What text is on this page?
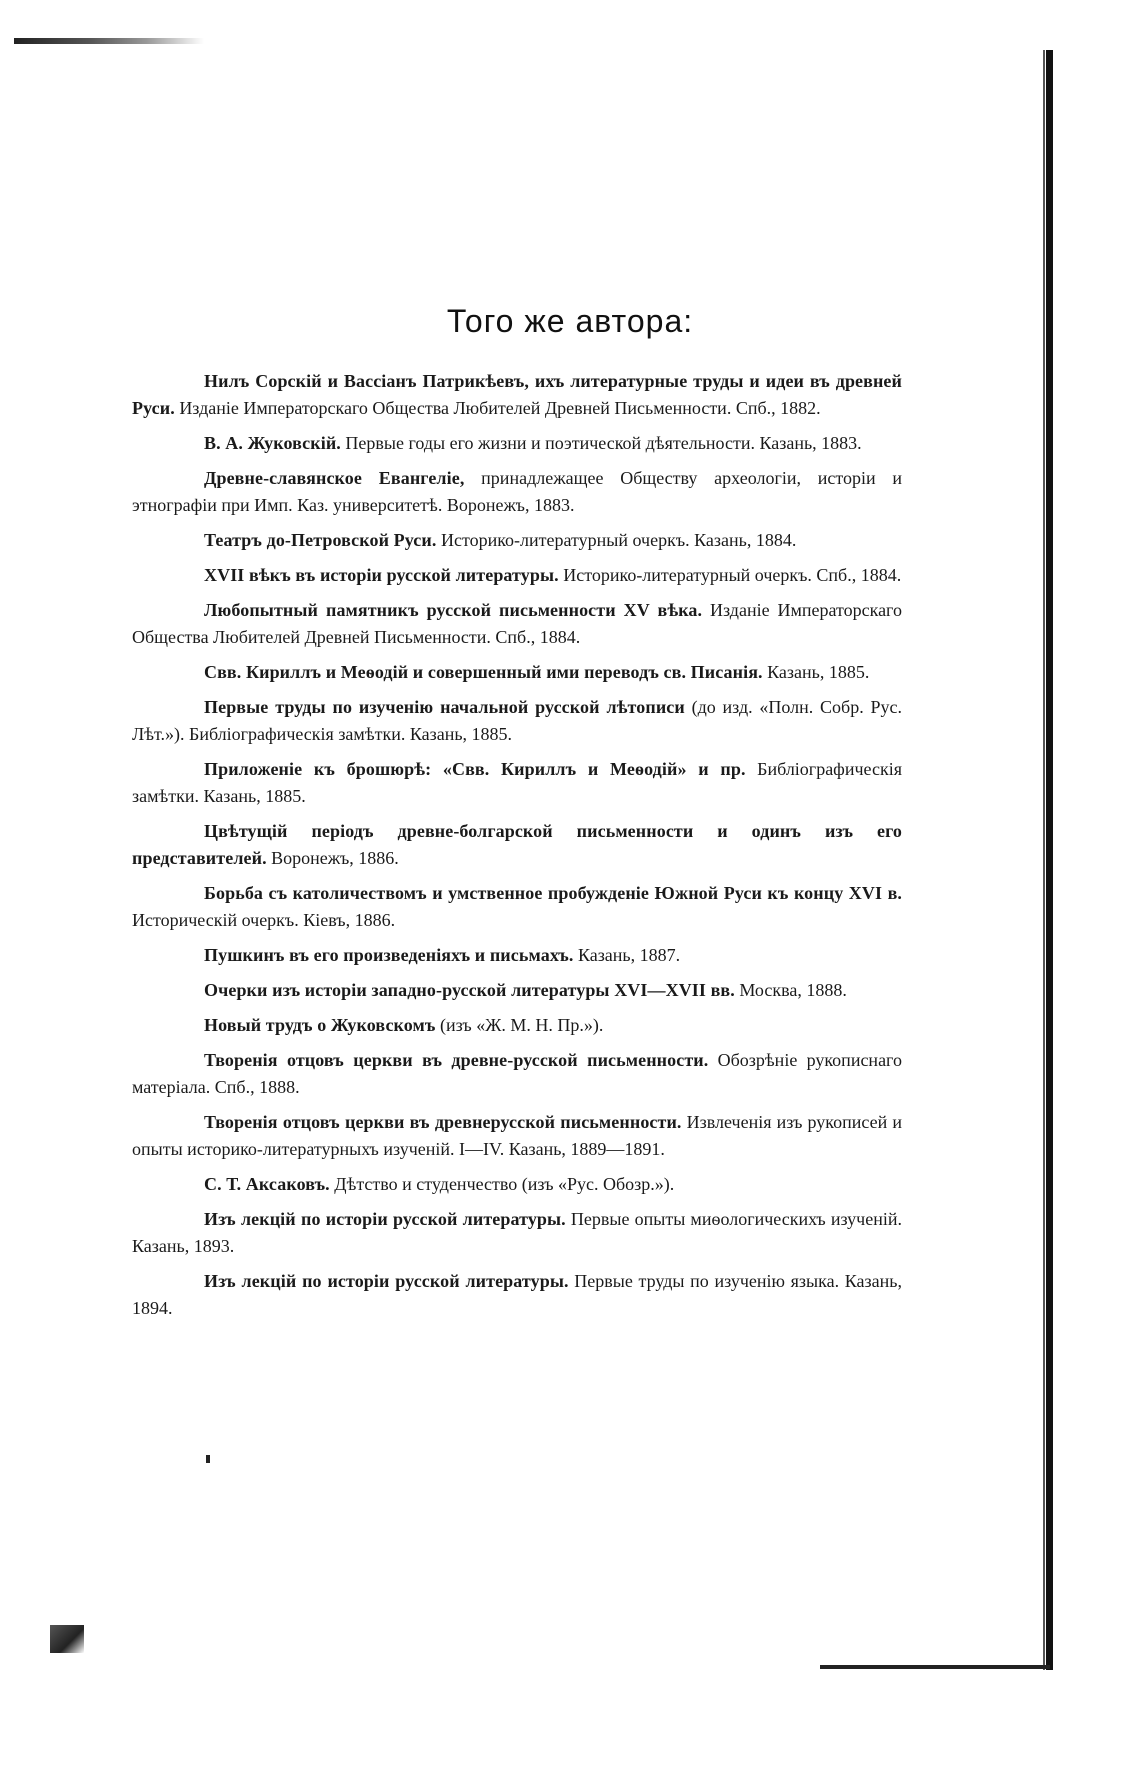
Того же автора:

Нилъ Сорскій и Вассіанъ Патрикѣевъ, ихъ литературные труды и идеи въ древней Руси. Изданіе Императорскаго Общества Любителей Древней Письменности. Спб., 1882.

В. А. Жуковскій. Первые годы его жизни и поэтической дѣятельности. Казань, 1883.

Древне-славянское Евангеліе, принадлежащее Обществу археологіи, исторіи и этнографіи при Имп. Каз. университетѣ. Воронежъ, 1883.

Театръ до-Петровской Руси. Историко-литературный очеркъ. Казань, 1884.

XVII вѣкъ въ исторіи русской литературы. Историко-литературный очеркъ. Спб., 1884.

Любопытный памятникъ русской письменности XV вѣка. Изданіе Императорскаго Общества Любителей Древней Письменности. Спб., 1884.

Свв. Кириллъ и Меѳодій и совершенный ими переводъ св. Писанія. Казань, 1885.

Первые труды по изученію начальной русской лѣтописи (до изд. «Полн. Собр. Рус. Лѣт.»). Библіографическія замѣтки. Казань, 1885.

Приложеніе къ брошюрѣ: «Свв. Кириллъ и Меѳодій» и пр. Библіографическія замѣтки. Казань, 1885.

Цвѣтущій періодъ древне-болгарской письменности и одинъ изъ его представителей. Воронежъ, 1886.

Борьба съ католичествомъ и умственное пробужденіе Южной Руси къ концу XVI в. Историческій очеркъ. Кіевъ, 1886.

Пушкинъ въ его произведеніяхъ и письмахъ. Казань, 1887.

Очерки изъ исторіи западно-русской литературы XVI—XVII вв. Москва, 1888.

Новый трудъ о Жуковскомъ (изъ «Ж. М. Н. Пр.»).

Творенія отцовъ церкви въ древне-русской письменности. Обозрѣніе рукописнаго матеріала. Спб., 1888.

Творенія отцовъ церкви въ древнерусской письменности. Извлеченія изъ рукописей и опыты историко-литературныхъ изученій. I—IV. Казань, 1889—1891.

С. Т. Аксаковъ. Дѣтство и студенчество (изъ «Рус. Обозр.»).

Изъ лекцій по исторіи русской литературы. Первые опыты миѳологическихъ изученій. Казань, 1893.

Изъ лекцій по исторіи русской литературы. Первые труды по изученію языка. Казань, 1894.
